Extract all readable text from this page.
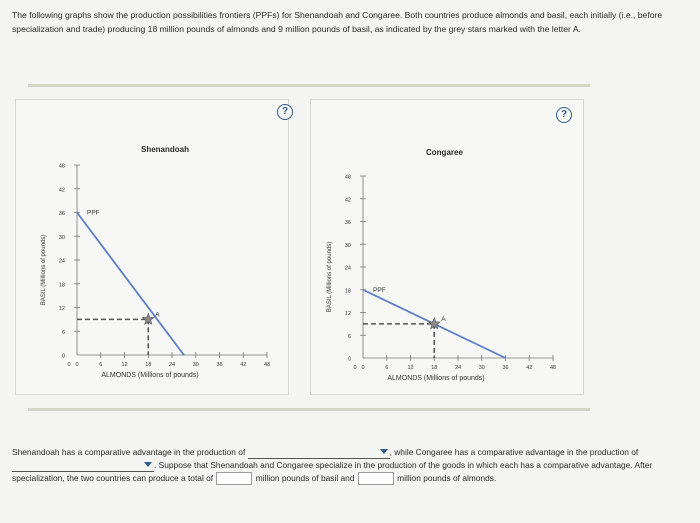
The following graphs show the production possibilities frontiers (PPFs) for Shenandoah and Congaree. Both countries produce almonds and basil, each initially (i.e., before specialization and trade) producing 18 million pounds of almonds and 9 million pounds of basil, as indicated by the grey stars marked with the letter A.

0
6
12
18
24
30
36
42
48
0	6	12	18	24	30	36	42	48
0
ALMONDS (Millions of pounds)
BASIL (Millions of pounds)
PPF
A
?
Shenandoah
0
6
12
18
24
30
36
42
48
0	6	12	18	24	30	36	42	48
0
ALMONDS (Millions of pounds)
BASIL (Millions of pounds)	PPF
A
?
Congaree

Shenandoah has a comparative advantage in the production of	, while Congaree has a comparative advantage in the production of
. Suppose that Shenandoah and Congaree specialize in the production of the goods in which each has a comparative advantage. After specialization, the two countries can produce a total of	million pounds of basil and	million pounds of almonds.
